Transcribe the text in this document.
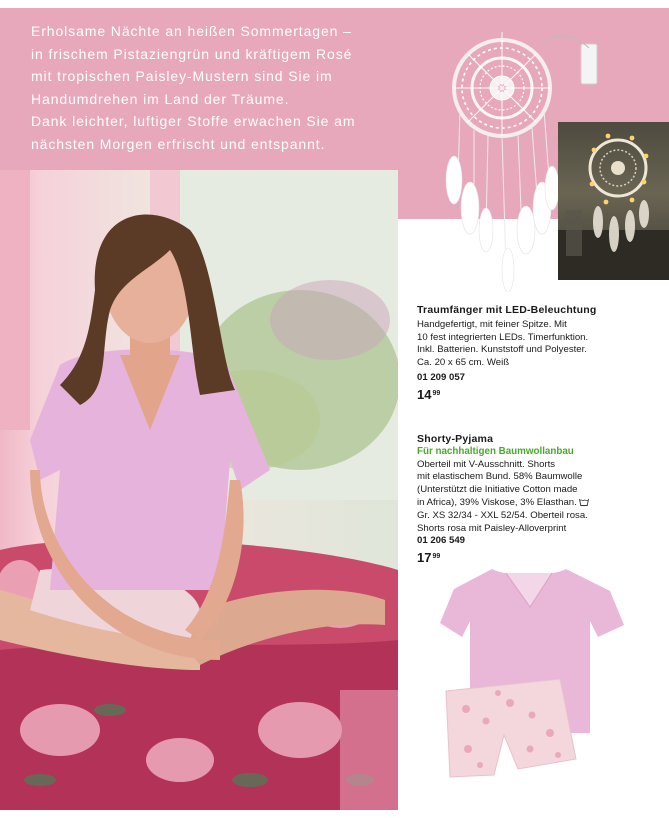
Erholsame Nächte an heißen Sommertagen –
in frischem Pistaziengrün und kräftigem Rosé
mit tropischen Paisley-Mustern sind Sie im
Handumdrehen im Land der Träume.
Dank leichter, luftiger Stoffe erwachen Sie am
nächsten Morgen erfrischt und entspannt.
Traumfänger mit LED-Beleuchtung
Handgefertigt, mit feiner Spitze. Mit
10 fest integrierten LEDs. Timerfunktion.
Inkl. Batterien. Kunststoff und Polyester.
Ca. 20 x 65 cm. Weiß
01 209 057
$14^{99}$
Shorty-Pyjama
Für nachhaltigen Baumwollanbau
Oberteil mit V-Ausschnitt. Shorts
mit elastischem Bund. 58% Baumwolle
(Unterstützt die Initiative Cotton made
in Africa), 39% Viskose, 3% Elasthan.
Gr. XS 32/34 - XXL 52/54. Oberteil rosa.
Shorts rosa mit Paisley-Alloverprint
01 206 549
$17^{99}$
